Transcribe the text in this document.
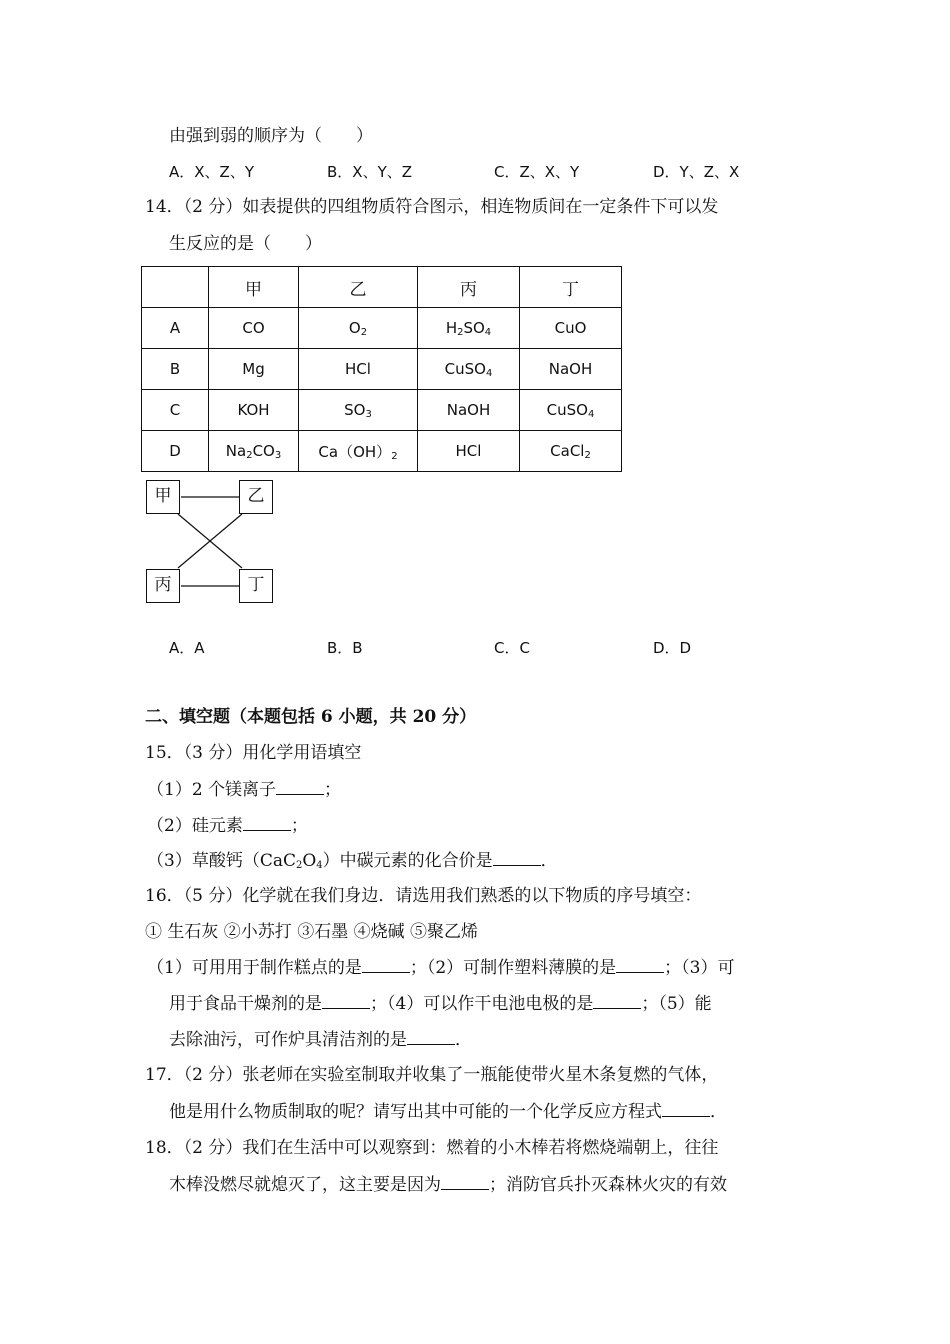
由强到弱的顺序为（　　）
A．X、Z、Y	B．X、Y、Z	C．Z、X、Y	D．Y、Z、X
14．（2 分）如表提供的四组物质符合图示，相连物质间在一定条件下可以发
生反应的是（　　）
	甲	乙	丙	丁
A	CO	$O_2$	$H_2SO_4$	CuO
B	Mg	HCl	CuSO$_4$	NaOH
C	KOH	$SO_3$	NaOH	CuSO$_4$
D	$Na_2CO_3$	$Ca(OH)_2$	HCl	CaCl$_2$
甲	乙
丙	丁
A．A	B．B	C．C	D．D
二、填空题（本题包括 6 小题，共 20 分）
15．（3 分）用化学用语填空
（1）2 个镁离子	；
（2）硅元素	；
（3）草酸钙$(CaC_2O_4)$中碳元素的化合价是	．
16．（5 分）化学就在我们身边．请选用我们熟悉的以下物质的序号填空：
① 生石灰 ②小苏打 ③石墨 ④烧碱 ⑤聚乙烯
（1）可用用于制作糕点的是	；（2）可制作塑料薄膜的是	；（3）可
用于食品干燥剂的是	；（4）可以作干电池电极的是	；（5）能
去除油污，可作炉具清洁剂的是	．
17．（2 分）张老师在实验室制取并收集了一瓶能使带火星木条复燃的气体，
他是用什么物质制取的呢？请写出其中可能的一个化学反应方程式	．
18．（2 分）我们在生活中可以观察到：燃着的小木棒若将燃烧端朝上，往往
木棒没燃尽就熄灭了，这主要是因为	；消防官兵扑灭森林火灾的有效
